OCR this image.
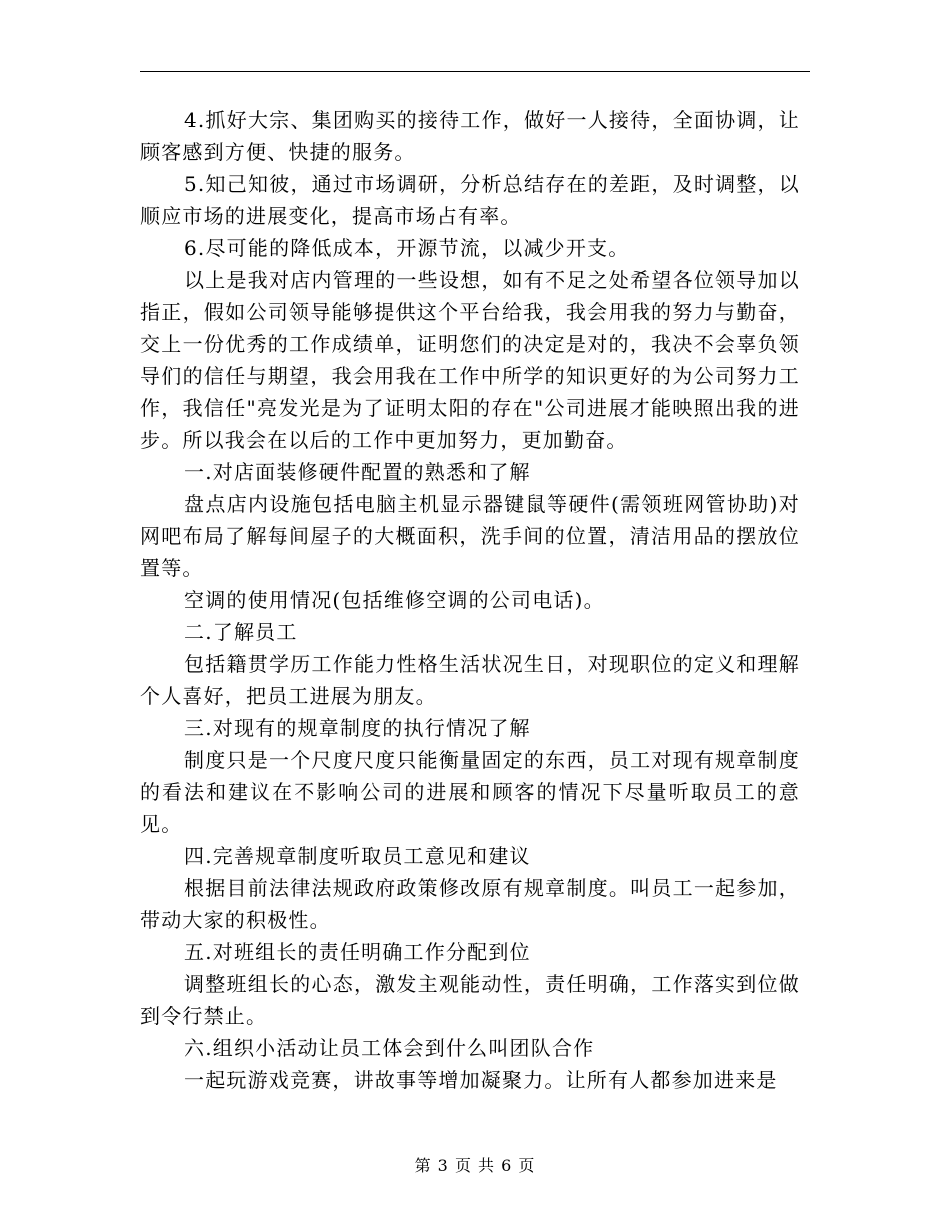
4.抓好大宗、集团购买的接待工作，做好一人接待，全面协调，让顾客感到方便、快捷的服务。

5.知己知彼，通过市场调研，分析总结存在的差距，及时调整，以顺应市场的进展变化，提高市场占有率。

6.尽可能的降低成本，开源节流，以减少开支。

以上是我对店内管理的一些设想，如有不足之处希望各位领导加以指正，假如公司领导能够提供这个平台给我，我会用我的努力与勤奋，交上一份优秀的工作成绩单，证明您们的决定是对的，我决不会辜负领导们的信任与期望，我会用我在工作中所学的知识更好的为公司努力工作，我信任"亮发光是为了证明太阳的存在"公司进展才能映照出我的进步。所以我会在以后的工作中更加努力，更加勤奋。

一.对店面装修硬件配置的熟悉和了解

盘点店内设施包括电脑主机显示器键鼠等硬件(需领班网管协助)对网吧布局了解每间屋子的大概面积，洗手间的位置，清洁用品的摆放位置等。

空调的使用情况(包括维修空调的公司电话)。

二.了解员工

包括籍贯学历工作能力性格生活状况生日，对现职位的定义和理解个人喜好，把员工进展为朋友。

三.对现有的规章制度的执行情况了解

制度只是一个尺度尺度只能衡量固定的东西，员工对现有规章制度的看法和建议在不影响公司的进展和顾客的情况下尽量听取员工的意见。

四.完善规章制度听取员工意见和建议

根据目前法律法规政府政策修改原有规章制度。叫员工一起参加，带动大家的积极性。

五.对班组长的责任明确工作分配到位

调整班组长的心态，激发主观能动性，责任明确，工作落实到位做到令行禁止。

六.组织小活动让员工体会到什么叫团队合作

一起玩游戏竞赛，讲故事等增加凝聚力。让所有人都参加进来是

第 3 页 共 6 页
